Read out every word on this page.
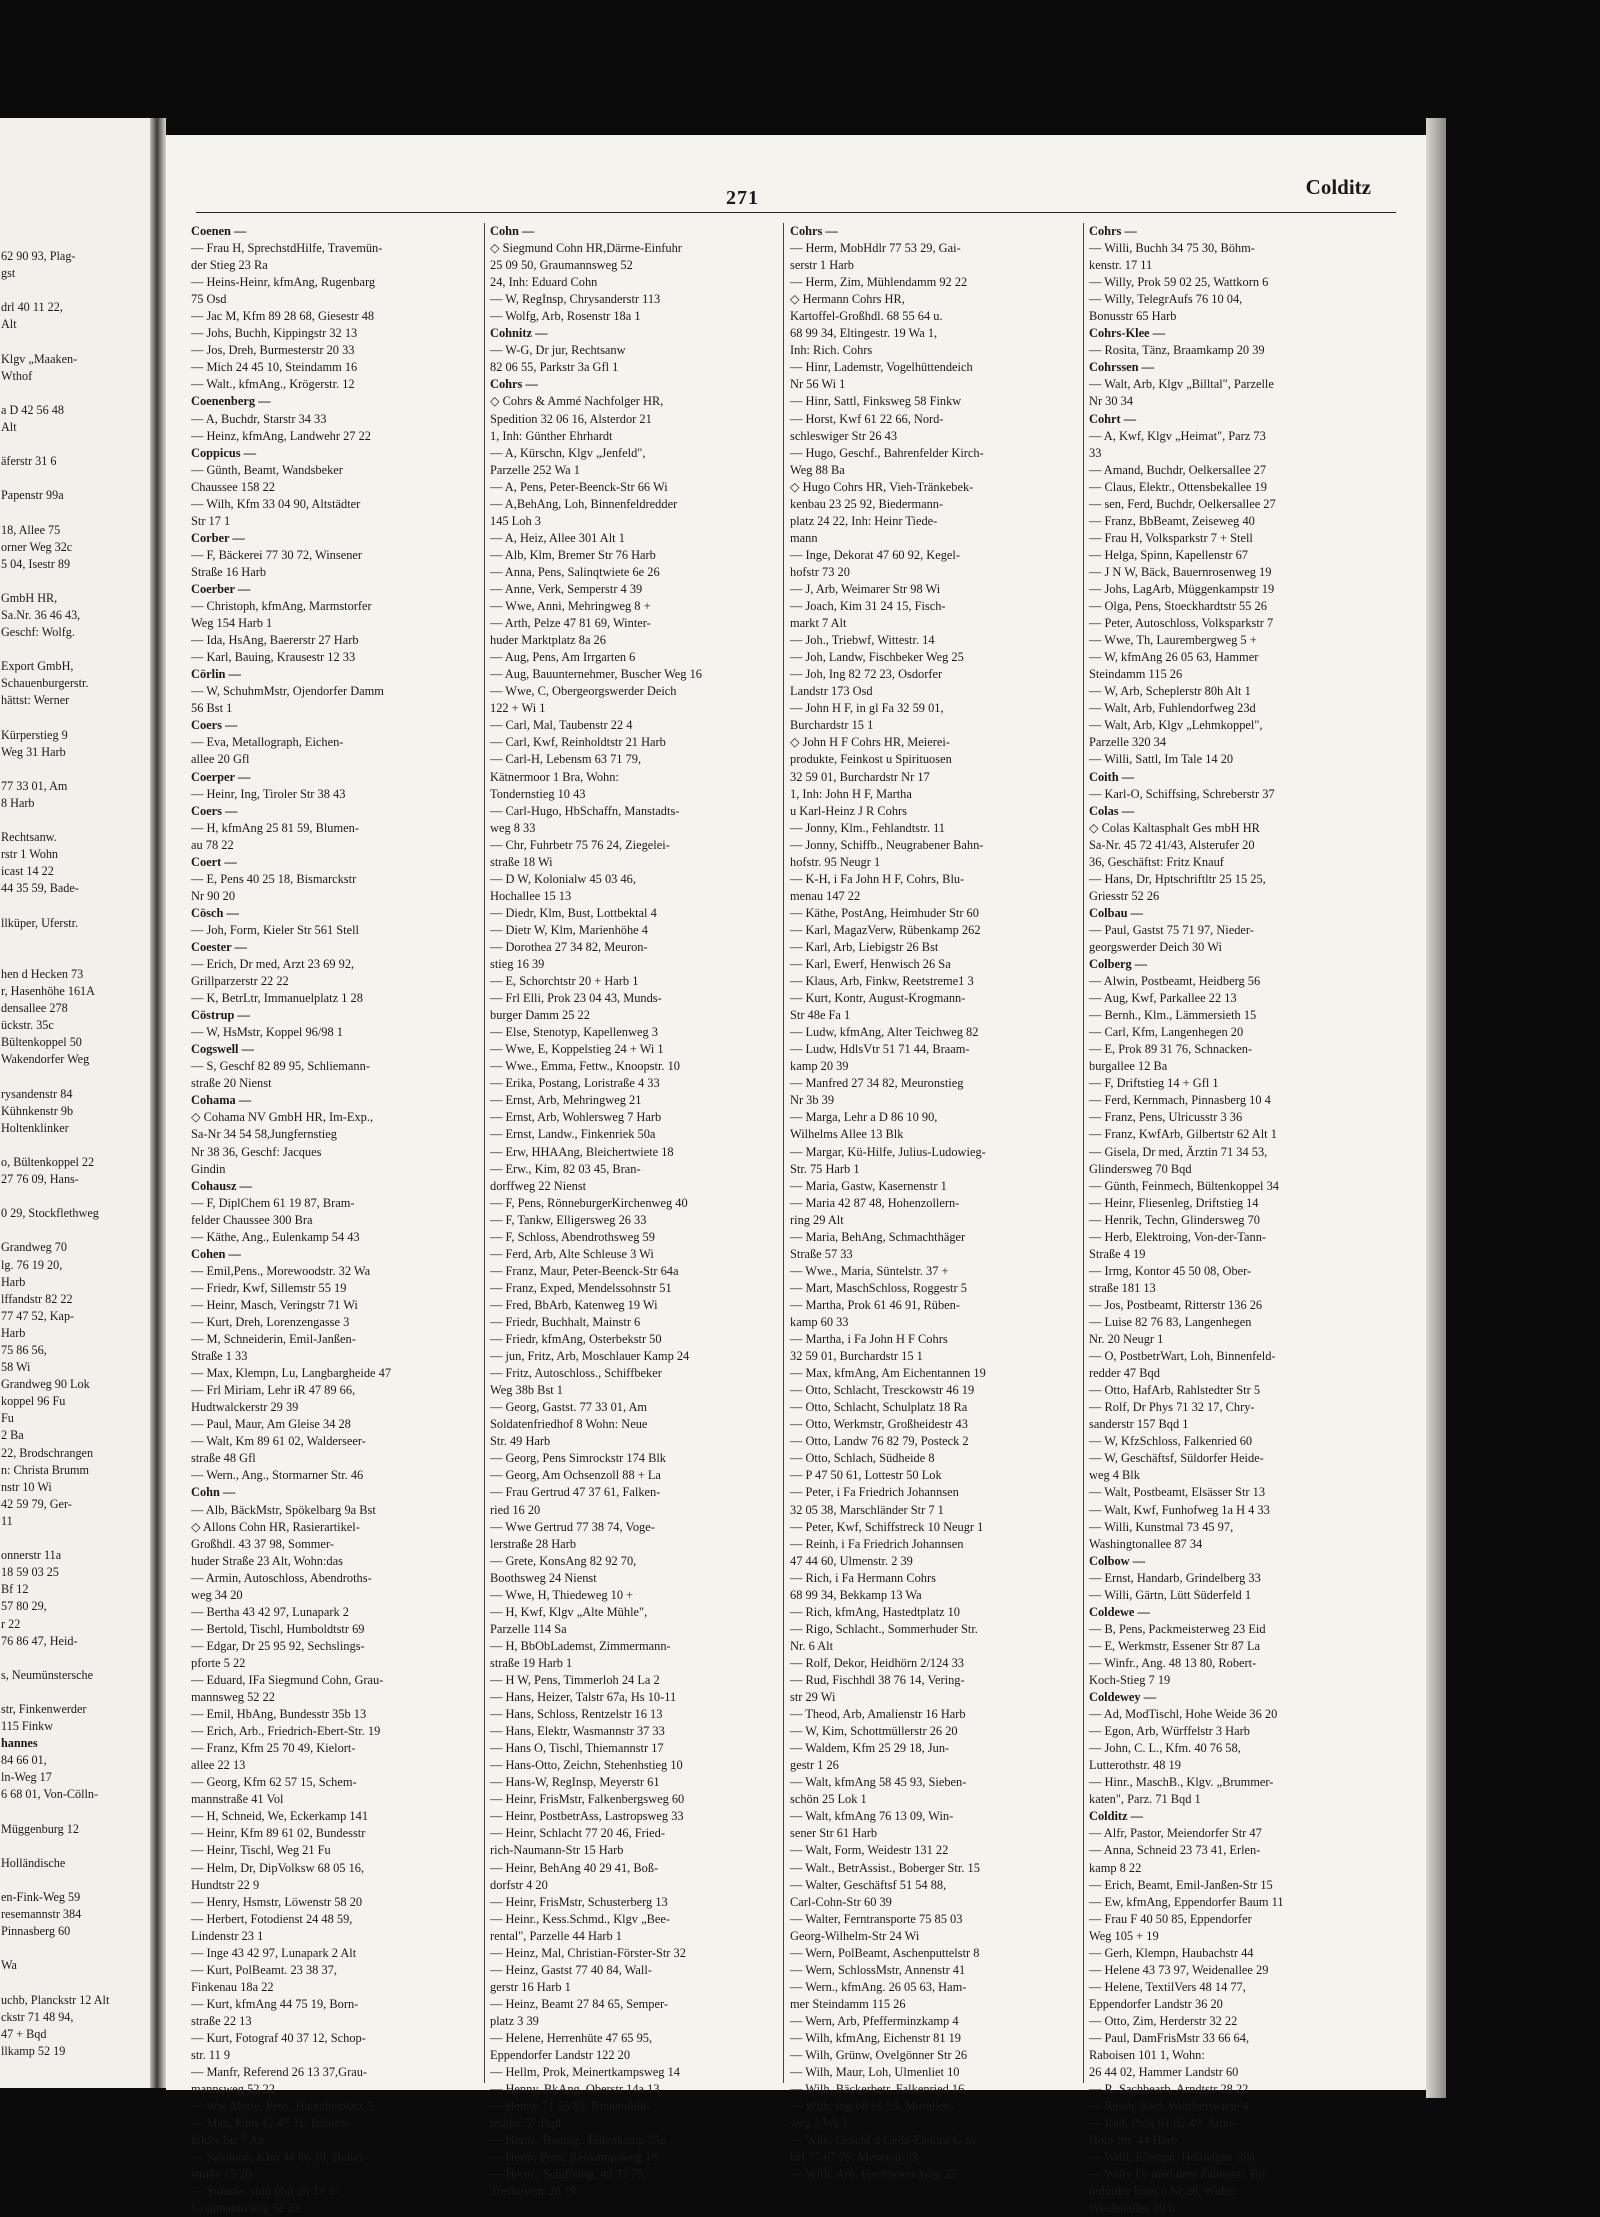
62 90 93, Plag-
gst

drl 40 11 22,
Alt

Klgv „Maaken-
Wthof

a D 42 56 48
Alt

äferstr 31 6

Papenstr 99a

18, Allee 75
orner Weg 32c
5 04, Isestr 89

GmbH HR,
Sa.Nr. 36 46 43,
Geschf: Wolfg.

Export GmbH,
Schauenburgerstr.
hättst: Werner

Kürperstieg 9
Weg 31 Harb

77 33 01, Am
8 Harb

Rechtsanw.
rstr 1 Wohn
icast 14 22
44 35 59, Bade-

llküper, Uferstr.

hen d Hecken 73
r, Hasenhöhe 161A
densallee 278
ückstr. 35c
Bültenkoppel 50
Wakendorfer Weg

rysandenstr 84
Kühnkenstr 9b
Holtenklinker

o, Bültenkoppel 22
27 76 09, Hans-

0 29, Stockflethweg

Grandweg 70
lg. 76 19 20,
Harb
lffandstr 82 22
77 47 52, Kap-
Harb
75 86 56,
58 Wi
Grandweg 90 Lok
koppel 96 Fu
Fu
2 Ba
22, Brodschrangen
n: Christa Brumm
nstr 10 Wi
42 59 79, Ger-
11

onnerstr 11a
18 59 03 25
Bf 12
57 80 29,
r 22
76 86 47, Heid-

s, Neumünstersche

str, Finkenwerder
115 Finkw
hannes
84 66 01,
ln-Weg 17
6 68 01, Von-Cölln-

Müggenburg 12

Holländische

en-Fink-Weg 59
resemannstr 384
Pinnasberg 60

Wa

uchb, Planckstr 12 Alt
ckstr 71 48 94,
47 + Bqd
llkamp 52 19
271	Colditz
Coenen —
— Frau H, SprechstdHilfe, Travemün-
der Stieg 23 Ra
— Heins-Heinr, kfmAng, Rugenbarg
75 Osd
— Jac M, Kfm 89 28 68, Giesestr 48
— Johs, Buchh, Kippingstr 32 13
— Jos, Dreh, Burmesterstr 20 33
— Mich 24 45 10, Steindamm 16
— Walt., kfmAng., Krögerstr. 12
Coenenberg —
— A, Buchdr, Starstr 34 33
— Heinz, kfmAng, Landwehr 27 22
Coppicus —
— Günth, Beamt, Wandsbeker
Chaussee 158 22
— Wilh, Kfm 33 04 90, Altstädter
Str 17 1
Corber —
— F, Bäckerei 77 30 72, Winsener
Straße 16 Harb
Coerber —
— Christoph, kfmAng, Marmstorfer
Weg 154 Harb 1
— Ida, HsAng, Baererstr 27 Harb
— Karl, Bauing, Krausestr 12 33
Cörlin —
— W, SchuhmMstr, Ojendorfer Damm
56 Bst 1
Coers —
— Eva, Metallograph, Eichen-
allee 20 Gfl
Coerper —
— Heinr, Ing, Tiroler Str 38 43
Coers —
— H, kfmAng 25 81 59, Blumen-
au 78 22
Coert —
— E, Pens 40 25 18, Bismarckstr
Nr 90 20
Cösch —
— Joh, Form, Kieler Str 561 Stell
Coester —
— Erich, Dr med, Arzt 23 69 92,
Grillparzerstr 22 22
— K, BetrLtr, Immanuelplatz 1 28
Cöstrup —
— W, HsMstr, Koppel 96/98 1
Cogswell —
— S, Geschf 82 89 95, Schliemann-
straße 20 Nienst
Cohama —
◇ Cohama NV GmbH HR, Im-Exp.,
Sa-Nr 34 54 58,Jungfernstieg
Nr 38 36, Geschf: Jacques
Gindin
Cohausz —
— F, DiplChem 61 19 87, Bram-
felder Chaussee 300 Bra
— Käthe, Ang., Eulenkamp 54 43
Cohen —
— Emil,Pens., Morewoodstr. 32 Wa
— Friedr, Kwf, Sillemstr 55 19
— Heinr, Masch, Veringstr 71 Wi
— Kurt, Dreh, Lorenzengasse 3
— M, Schneiderin, Emil-Janßen-
Straße 1 33
— Max, Klempn, Lu, Langbargheide 47
— Frl Miriam, Lehr iR 47 89 66,
Hudtwalckerstr 29 39
— Paul, Maur, Am Gleise 34 28
— Walt, Km 89 61 02, Walderseer-
straße 48 Gfl
— Wern., Ang., Stormarner Str. 46
Cohn —
— Alb, BäckMstr, Spökelbarg 9a Bst
◇ Allons Cohn HR, Rasierartikel-
Großhdl. 43 37 98, Sommer-
huder Straße 23 Alt, Wohn:das
— Armin, Autoschloss, Abendroths-
weg 34 20
— Bertha 43 42 97, Lunapark 2
— Bertold, Tischl, Humboldtstr 69
— Edgar, Dr 25 95 92, Sechslings-
pforte 5 22
— Eduard, IFa Siegmund Cohn, Grau-
mannsweg 52 22
— Emil, HbAng, Bundesstr 35b 13
— Erich, Arb., Friedrich-Ebert-Str. 19
— Franz, Kfm 25 70 49, Kielort-
allee 22 13
— Georg, Kfm 62 57 15, Schem-
mannstraße 41 Vol
— H, Schneid, We, Eckerkamp 141
— Heinr, Kfm 89 61 02, Bundesstr
— Heinr, Tischl, Weg 21 Fu
— Helm, Dr, DipVolksw 68 05 16,
Hundtstr 22 9
— Henry, Hsmstr, Löwenstr 58 20
— Herbert, Fotodienst 24 48 59,
Lindenstr 23 1
— Inge 43 42 97, Lunapark 2 Alt
— Kurt, PolBeamt. 23 38 37,
Finkenau 18a 22
— Kurt, kfmAng 44 75 19, Born-
straße 22 13
— Kurt, Fotograf 40 37 12, Schop-
str. 11 9
— Manfr, Referend 26 13 37,Grau-
mannsweg 52 22
— Ww Marie, Pens, Habichtsplatz 5
— Max, Kfm 42 47 31, Bahren-
felder Str 7 Alt
— Salomon, Kfm 44 86 30, Haller-
straße 15 20
— Sidonie, stud phil 26 13 37,
Graumannsweg 52 22
Cohn —
◇ Siegmund Cohn HR,Därme-Einfuhr
25 09 50, Graumannsweg 52
24, Inh: Eduard Cohn
— W, RegInsp, Chrysanderstr 113
— Wolfg, Arb, Rosenstr 18a 1
Cohnitz —
— W-G, Dr jur, Rechtsanw
82 06 55, Parkstr 3a Gfl 1
Cohrs —
◇ Cohrs & Ammé Nachfolger HR,
Spedition 32 06 16, Alsterdor 21
1, Inh: Günther Ehrhardt
— A, Kürschn, Klgv „Jenfeld",
Parzelle 252 Wa 1
— A, Pens, Peter-Beenck-Str 66 Wi
— A,BehAng, Loh, Binnenfeldredder
145 Loh 3
— A, Heiz, Allee 301 Alt 1
— Alb, Klm, Bremer Str 76 Harb
— Anna, Pens, Salinqtwiete 6e 26
— Anne, Verk, Semperstr 4 39
— Wwe, Anni, Mehringweg 8 +
— Arth, Pelze 47 81 69, Winter-
huder Marktplatz 8a 26
— Aug, Pens, Am Irrgarten 6
— Aug, Bauunternehmer, Buscher Weg 16
— Wwe, C, Obergeorgswerder Deich
122 + Wi 1
— Carl, Mal, Taubenstr 22 4
— Carl, Kwf, Reinholdtstr 21 Harb
— Carl-H, Lebensm 63 71 79,
Kätnermoor 1 Bra, Wohn:
Tondernstieg 10 43
— Carl-Hugo, HbSchaffn, Manstadts-
weg 8 33
— Chr, Fuhrbetr 75 76 24, Ziegelei-
straße 18 Wi
— D W, Kolonialw 45 03 46,
Hochallee 15 13
— Diedr, Klm, Bust, Lottbektal 4
— Dietr W, Klm, Marienhöhe 4
— Dorothea 27 34 82, Meuron-
stieg 16 39
— E, Schorchtstr 20 + Harb 1
— Frl Elli, Prok 23 04 43, Munds-
burger Damm 25 22
— Else, Stenotyp, Kapellenweg 3
— Wwe, E, Koppelstieg 24 + Wi 1
— Wwe., Emma, Fettw., Knoopstr. 10
— Erika, Postang, Loristraße 4 33
— Ernst, Arb, Mehringweg 21
— Ernst, Arb, Wohlersweg 7 Harb
— Ernst, Landw., Finkenriek 50a
— Erw, HHAAng, Bleichertwiete 18
— Erw., Kim, 82 03 45, Bran-
dorffweg 22 Nienst
— F, Pens, RönneburgerKirchenweg 40
— F, Tankw, Elligersweg 26 33
— F, Schloss, Abendrothsweg 59
— Ferd, Arb, Alte Schleuse 3 Wi
— Franz, Maur, Peter-Beenck-Str 64a
— Franz, Exped, Mendelssohnstr 51
— Fred, BbArb, Katenweg 19 Wi
— Friedr, Buchhalt, Mainstr 6
— Friedr, kfmAng, Osterbekstr 50
— jun, Fritz, Arb, Moschlauer Kamp 24
— Fritz, Autoschloss., Schiffbeker
Weg 38b Bst 1
— Georg, Gastst. 77 33 01, Am
Soldatenfriedhof 8 Wohn: Neue
Str. 49 Harb
— Georg, Pens Simrockstr 174 Blk
— Georg, Am Ochsenzoll 88 + La
— Frau Gertrud 47 37 61, Falken-
ried 16 20
— Wwe Gertrud 77 38 74, Voge-
lerstraße 28 Harb
— Grete, KonsAng 82 92 70,
Boothsweg 24 Nienst
— Wwe, H, Thiedeweg 10 +
— H, Kwf, Klgv „Alte Mühle",
Parzelle 114 Sa
— H, BbObLademst, Zimmermann-
straße 19 Harb 1
— H W, Pens, Timmerloh 24 La 2
— Hans, Heizer, Talstr 67a, Hs 10-11
— Hans, Schloss, Rentzelstr 16 13
— Hans, Elektr, Wasmannstr 37 33
— Hans O, Tischl, Thiemannstr 17
— Hans-Otto, Zeichn, Stehenhstieg 10
— Hans-W, RegInsp, Meyerstr 61
— Heinr, FrisMstr, Falkenbergsweg 60
— Heinr, PostbetrAss, Lastropsweg 33
— Heinr, Schlacht 77 20 46, Fried-
rich-Naumann-Str 15 Harb
— Heinr, BehAng 40 29 41, Boß-
dorfstr 4 20
— Heinr, FrisMstr, Schusterberg 13
— Heinr., Kess.Schmd., Klgv „Bee-
rental", Parzelle 44 Harb 1
— Heinz, Mal, Christian-Förster-Str 32
— Heinz, Gastst 77 40 84, Wall-
gerstr 16 Harb 1
— Heinz, Beamt 27 84 65, Semper-
platz 3 39
— Helene, Herrenhüte 47 65 95,
Eppendorfer Landstr 122 20
— Hellm, Prok, Meinertkampsweg 14
— Henny, BkAng, Oberstr 14a 13
— Henny 71 53 83, Binnenfeld-
redder 57 Bqd
— Herm., Bauing., Eulenkamp 55a
— Herm, Pens, Reekampsweg 18
— Herm., Schiffsing. 40 33 75,
Treskowstr 28 19
Cohrs —
— Herm, MobHdlr 77 53 29, Gai-
serstr 1 Harb
— Herm, Zim, Mühlendamm 92 22
◇ Hermann Cohrs HR,
Kartoffel-Großhdl. 68 55 64 u.
68 99 34, Eltingestr. 19 Wa 1,
Inh: Rich. Cohrs
— Hinr, Lademstr, Vogelhüttendeich
Nr 56 Wi 1
— Hinr, Sattl, Finksweg 58 Finkw
— Horst, Kwf 61 22 66, Nord-
schleswiger Str 26 43
— Hugo, Geschf., Bahrenfelder Kirch-
Weg 88 Ba
◇ Hugo Cohrs HR, Vieh-Tränkebek-
kenbau 23 25 92, Biedermann-
platz 24 22, Inh: Heinr Tiede-
mann
— Inge, Dekorat 47 60 92, Kegel-
hofstr 73 20
— J, Arb, Weimarer Str 98 Wi
— Joach, Kim 31 24 15, Fisch-
markt 7 Alt
— Joh., Triebwf, Wittestr. 14
— Joh, Landw, Fischbeker Weg 25
— Joh, Ing 82 72 23, Osdorfer
Landstr 173 Osd
— John H F, in gl Fa 32 59 01,
Burchardstr 15 1
◇ John H F Cohrs HR, Meierei-
produkte, Feinkost u Spirituosen
32 59 01, Burchardstr Nr 17
1, Inh: John H F, Martha
u Karl-Heinz J R Cohrs
— Jonny, Klm., Fehlandtstr. 11
— Jonny, Schiffb., Neugrabener Bahn-
hofstr. 95 Neugr 1
— K-H, i Fa John H F, Cohrs, Blu-
menau 147 22
— Käthe, PostAng, Heimhuder Str 60
— Karl, MagazVerw, Rübenkamp 262
— Karl, Arb, Liebigstr 26 Bst
— Karl, Ewerf, Henwisch 26 Sa
— Klaus, Arb, Finkw, Reetstreme1 3
— Kurt, Kontr, August-Krogmann-
Str 48e Fa 1
— Ludw, kfmAng, Alter Teichweg 82
— Ludw, HdlsVtr 51 71 44, Braam-
kamp 20 39
— Manfred 27 34 82, Meuronstieg
Nr 3b 39
— Marga, Lehr a D 86 10 90,
Wilhelms Allee 13 Blk
— Margar, Kü-Hilfe, Julius-Ludowieg-
Str. 75 Harb 1
— Maria, Gastw, Kasernenstr 1
— Maria 42 87 48, Hohenzollern-
ring 29 Alt
— Maria, BehAng, Schmachthäger
Straße 57 33
— Wwe., Maria, Süntelstr. 37 +
— Mart, MaschSchloss, Roggestr 5
— Martha, Prok 61 46 91, Rüben-
kamp 60 33
— Martha, i Fa John H F Cohrs
32 59 01, Burchardstr 15 1
— Max, kfmAng, Am Eichentannen 19
— Otto, Schlacht, Tresckowstr 46 19
— Otto, Schlacht, Schulplatz 18 Ra
— Otto, Werkmstr, Großheidestr 43
— Otto, Landw 76 82 79, Posteck 2
— Otto, Schlach, Südheide 8
— P 47 50 61, Lottestr 50 Lok
— Peter, i Fa Friedrich Johannsen
32 05 38, Marschländer Str 7 1
— Peter, Kwf, Schiffstreck 10 Neugr 1
— Reinh, i Fa Friedrich Johannsen
47 44 60, Ulmenstr. 2 39
— Rich, i Fa Hermann Cohrs
68 99 34, Bekkamp 13 Wa
— Rich, kfmAng, Hastedtplatz 10
— Rigo, Schlacht., Sommerhuder Str.
Nr. 6 Alt
— Rolf, Dekor, Heidhörn 2/124 33
— Rud, Fischhdl 38 76 14, Vering-
str 29 Wi
— Theod, Arb, Amalienstr 16 Harb
— W, Kim, Schottmüllerstr 26 20
— Waldem, Kfm 25 29 18, Jun-
gestr 1 26
— Walt, kfmAng 58 45 93, Sieben-
schön 25 Lok 1
— Walt, kfmAng 76 13 09, Win-
sener Str 61 Harb
— Walt, Form, Weidestr 131 22
— Walt., BetrAssist., Boberger Str. 15
— Walter, Geschäftsf 51 54 88,
Carl-Cohn-Str 60 39
— Walter, Ferntransporte 75 85 03
Georg-Wilhelm-Str 24 Wi
— Wern, PolBeamt, Aschenputtelstr 8
— Wern, SchlossMstr, Annenstr 41
— Wern., kfmAng. 26 05 63, Ham-
mer Steindamm 115 26
— Wern, Arb, Pfefferminzkamp 4
— Wilh, kfmAng, Eichenstr 81 19
— Wilh, Grünw, Ovelgönner Str 26
— Wilh, Maur, Loh, Ulmenliet 10
— Wilh, Bäckerbetr, Falkenried 16
— Wilh, Ing 68 66 55, Morellen-
weg 3 Wa 1
— Wilh, Geschf d Geda-Elektro G m
bH 77 67 75, Meyerstr 39
— Willi, Arb, Fischbeker Weg 25
Cohrs —
— Willi, Buchh 34 75 30, Böhm-
kenstr. 17 11
— Willy, Prok 59 02 25, Wattkorn 6
— Willy, TelegrAufs 76 10 04,
Bonusstr 65 Harb
Cohrs-Klee —
— Rosita, Tänz, Braamkamp 20 39
Cohrssen —
— Walt, Arb, Klgv „Billtal", Parzelle
Nr 30 34
Cohrt —
— A, Kwf, Klgv „Heimat", Parz 73
33
— Amand, Buchdr, Oelkersallee 27
— Claus, Elektr., Ottensbekallee 19
— sen, Ferd, Buchdr, Oelkersallee 27
— Franz, BbBeamt, Zeiseweg 40
— Frau H, Volksparkstr 7 + Stell
— Helga, Spinn, Kapellenstr 67
— J N W, Bäck, Bauernrosenweg 19
— Johs, LagArb, Müggenkampstr 19
— Olga, Pens, Stoeckhardtstr 55 26
— Peter, Autoschloss, Volksparkstr 7
— Wwe, Th, Laurembergweg 5 +
— W, kfmAng 26 05 63, Hammer
Steindamm 115 26
— W, Arb, Scheplerstr 80h Alt 1
— Walt, Arb, Fuhlendorfweg 23d
— Walt, Arb, Klgv „Lehmkoppel",
Parzelle 320 34
— Willi, Sattl, Im Tale 14 20
Coith —
— Karl-O, Schiffsing, Schreberstr 37
Colas —
◇ Colas Kaltasphalt Ges mbH HR
Sa-Nr. 45 72 41/43, Alsterufer 20
36, Geschäftst: Fritz Knauf
— Hans, Dr, Hptschriftltr 25 15 25,
Griesstr 52 26
Colbau —
— Paul, Gastst 75 71 97, Nieder-
georgswerder Deich 30 Wi
Colberg —
— Alwin, Postbeamt, Heidberg 56
— Aug, Kwf, Parkallee 22 13
— Bernh., Klm., Lämmersieth 15
— Carl, Kfm, Langenhegen 20
— E, Prok 89 31 76, Schnacken-
burgallee 12 Ba
— F, Driftstieg 14 + Gfl 1
— Ferd, Kernmach, Pinnasberg 10 4
— Franz, Pens, Ulricusstr 3 36
— Franz, KwfArb, Gilbertstr 62 Alt 1
— Gisela, Dr med, Ärztin 71 34 53,
Glindersweg 70 Bqd
— Günth, Feinmech, Bültenkoppel 34
— Heinr, Fliesenleg, Driftstieg 14
— Henrik, Techn, Glindersweg 70
— Herb, Elektroing, Von-der-Tann-
Straße 4 19
— Irmg, Kontor 45 50 08, Ober-
straße 181 13
— Jos, Postbeamt, Ritterstr 136 26
— Luise 82 76 83, Langenhegen
Nr. 20 Neugr 1
— O, PostbetrWart, Loh, Binnenfeld-
redder 47 Bqd
— Otto, HafArb, Rahlstedter Str 5
— Rolf, Dr Phys 71 32 17, Chry-
sanderstr 157 Bqd 1
— W, KfzSchloss, Falkenried 60
— W, Geschäftsf, Süldorfer Heide-
weg 4 Blk
— Walt, Postbeamt, Elsässer Str 13
— Walt, Kwf, Funhofweg 1a H 4 33
— Willi, Kunstmal 73 45 97,
Washingtonallee 87 34
Colbow —
— Ernst, Handarb, Grindelberg 33
— Willi, Gärtn, Lütt Süderfeld 1
Coldewe —
— B, Pens, Packmeisterweg 23 Eid
— E, Werkmstr, Essener Str 87 La
— Winfr., Ang. 48 13 80, Robert-
Koch-Stieg 7 19
Coldewey —
— Ad, ModTischl, Hohe Weide 36 20
— Egon, Arb, Würffelstr 3 Harb
— John, C. L., Kfm. 40 76 58,
Lutterothstr. 48 19
— Hinr., MaschB., Klgv. „Brummer-
katen", Parz. 71 Bqd 1
Colditz —
— Alfr, Pastor, Meiendorfer Str 47
— Anna, Schneid 23 73 41, Erlen-
kamp 8 22
— Erich, Beamt, Emil-Janßen-Str 15
— Ew, kfmAng, Eppendorfer Baum 11
— Frau F 40 50 85, Eppendorfer
Weg 105 + 19
— Gerh, Klempn, Haubachstr 44
— Helene 43 73 97, Weidenallee 29
— Helene, TextilVers 48 14 77,
Eppendorfer Landstr 36 20
— Otto, Zim, Herderstr 32 22
— Paul, DamFrisMstr 33 66 64,
Raboisen 101 1, Wohn:
26 44 02, Hammer Landstr 60
— R, Sachbearb, Arndtstr 28 22
— Reinh, Kwf, Weichertwiete 4
— Rud, Prok 81 02 49, Arno-
Holz-Str. 44 Harb
— Willi, Klempn, Heilwigstr 39a
— Willy Dr med dent Zahnarzt, Bil-
lerhuder Insel o Nr 28, Wohn:
Weidenallee 29 6
